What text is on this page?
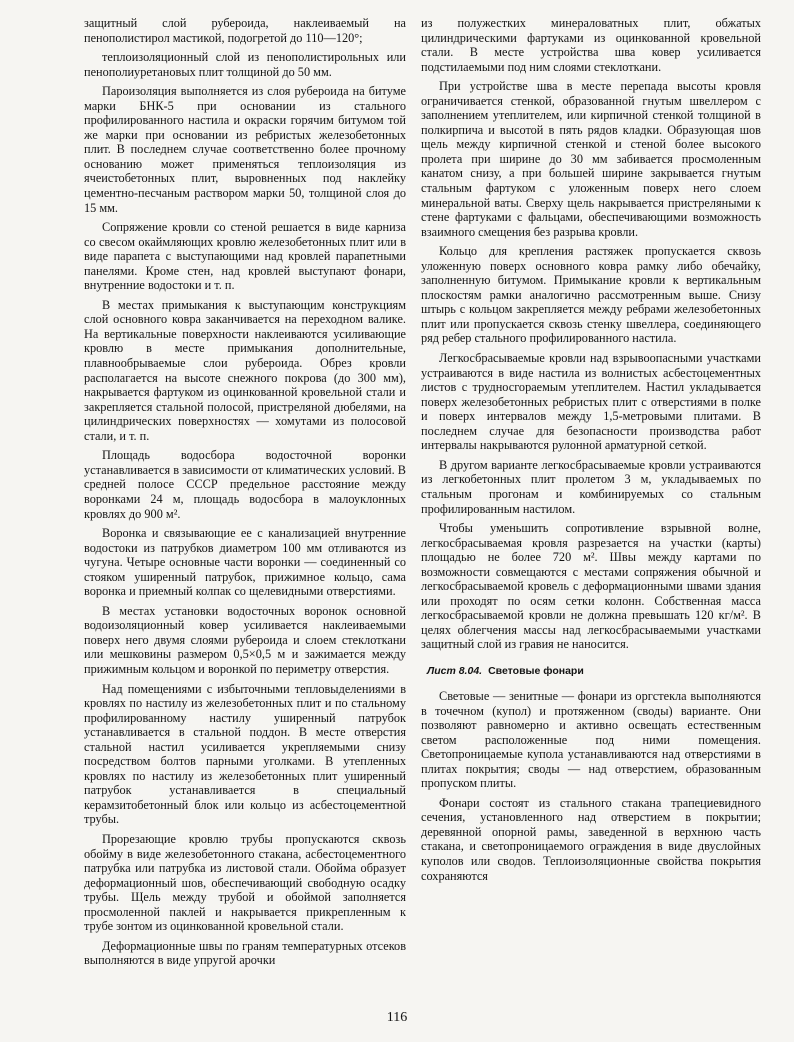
защитный слой рубероида, наклеиваемый на пенополистирол мастикой, подогретой до 110—120°;

теплоизоляционный слой из пенополистирольных или пенополиуретановых плит толщиной до 50 мм.

Пароизоляция выполняется из слоя рубероида на битуме марки БНК-5 при основании из стального профилированного настила и окраски горячим битумом той же марки при основании из ребристых железобетонных плит. В последнем случае соответственно более прочному основанию может применяться теплоизоляция из ячеистобетонных плит, выровненных под наклейку цементно-песчаным раствором марки 50, толщиной слоя до 15 мм.

Сопряжение кровли со стеной решается в виде карниза со свесом окаймляющих кровлю железобетонных плит или в виде парапета с выступающими над кровлей парапетными панелями. Кроме стен, над кровлей выступают фонари, внутренние водостоки и т. п.

В местах примыкания к выступающим конструкциям слой основного ковра заканчивается на переходном валике. На вертикальные поверхности наклеиваются усиливающие кровлю в месте примыкания дополнительные, плавнообрываемые слои рубероида. Обрез кровли располагается на высоте снежного покрова (до 300 мм), накрывается фартуком из оцинкованной кровельной стали и закрепляется стальной полосой, пристреляной дюбелями, на цилиндрических поверхностях — хомутами из полосовой стали, и т. п.

Площадь водосбора водосточной воронки устанавливается в зависимости от климатических условий. В средней полосе СССР предельное расстояние между воронками 24 м, площадь водосбора в малоуклонных кровлях до 900 м².

Воронка и связывающие ее с канализацией внутренние водостоки из патрубков диаметром 100 мм отливаются из чугуна. Четыре основные части воронки — соединенный со стояком уширенный патрубок, прижимное кольцо, сама воронка и приемный колпак со щелевидными отверстиями.

В местах установки водосточных воронок основной водоизоляционный ковер усиливается наклеиваемыми поверх него двумя слоями рубероида и слоем стеклоткани или мешковины размером 0,5×0,5 м и зажимается между прижимным кольцом и воронкой по периметру отверстия.

Над помещениями с избыточными тепловыделениями в кровлях по настилу из железобетонных плит и по стальному профилированному настилу уширенный патрубок устанавливается в стальной поддон. В месте отверстия стальной настил усиливается укрепляемыми снизу посредством болтов парными уголками. В утепленных кровлях по настилу из железобетонных плит уширенный патрубок устанавливается в специальный керамзитобетонный блок или кольцо из асбестоцементной трубы.

Прорезающие кровлю трубы пропускаются сквозь обойму в виде железобетонного стакана, асбестоцементного патрубка или патрубка из листовой стали. Обойма образует деформационный шов, обеспечивающий свободную осадку трубы. Щель между трубой и обоймой заполняется просмоленной паклей и накрывается прикрепленным к трубе зонтом из оцинкованной кровельной стали.

Деформационные швы по граням температурных отсеков выполняются в виде упругой арочки

из полужестких минераловатных плит, обжатых цилиндрическими фартуками из оцинкованной кровельной стали. В месте устройства шва ковер усиливается подстилаемыми под ним слоями стеклоткани.

При устройстве шва в месте перепада высоты кровля ограничивается стенкой, образованной гнутым швеллером с заполнением утеплителем, или кирпичной стенкой толщиной в полкирпича и высотой в пять рядов кладки. Образующая шов щель между кирпичной стенкой и стеной более высокого пролета при ширине до 30 мм забивается просмоленным канатом снизу, а при большей ширине закрывается гнутым стальным фартуком с уложенным поверх него слоем минеральной ваты. Сверху щель накрывается пристреляными к стене фартуками с фальцами, обеспечивающими возможность взаимного смещения без разрыва кровли.

Кольцо для крепления растяжек пропускается сквозь уложенную поверх основного ковра рамку либо обечайку, заполненную битумом. Примыкание кровли к вертикальным плоскостям рамки аналогично рассмотренным выше. Снизу штырь с кольцом закрепляется между ребрами железобетонных плит или пропускается сквозь стенку швеллера, соединяющего ряд ребер стального профилированного настила.

Легкосбрасываемые кровли над взрывоопасными участками устраиваются в виде настила из волнистых асбестоцементных листов с трудносгораемым утеплителем. Настил укладывается поверх железобетонных ребристых плит с отверстиями в полке и поверх интервалов между 1,5-метровыми плитами. В последнем случае для безопасности производства работ интервалы накрываются рулонной арматурной сеткой.

В другом варианте легкосбрасываемые кровли устраиваются из легкобетонных плит пролетом 3 м, укладываемых по стальным прогонам и комбинируемых со стальным профилированным настилом.

Чтобы уменьшить сопротивление взрывной волне, легкосбрасываемая кровля разрезается на участки (карты) площадью не более 720 м². Швы между картами по возможности совмещаются с местами сопряжения обычной и легкосбрасываемой кровель с деформационными швами здания или проходят по осям сетки колонн. Собственная масса легкосбрасываемой кровли не должна превышать 120 кг/м². В целях облегчения массы над легкосбрасываемыми участками защитный слой из гравия не наносится.

Лист 8.04. Световые фонари

Световые — зенитные — фонари из оргстекла выполняются в точечном (купол) и протяженном (своды) варианте. Они позволяют равномерно и активно освещать естественным светом расположенные под ними помещения. Светопроницаемые купола устанавливаются над отверстиями в плитах покрытия; своды — над отверстием, образованным пропуском плиты.

Фонари состоят из стального стакана трапециевидного сечения, установленного над отверстием в покрытии; деревянной опорной рамы, заведенной в верхнюю часть стакана, и светопроницаемого ограждения в виде двуслойных куполов или сводов. Теплоизоляционные свойства покрытия сохраняются

116
